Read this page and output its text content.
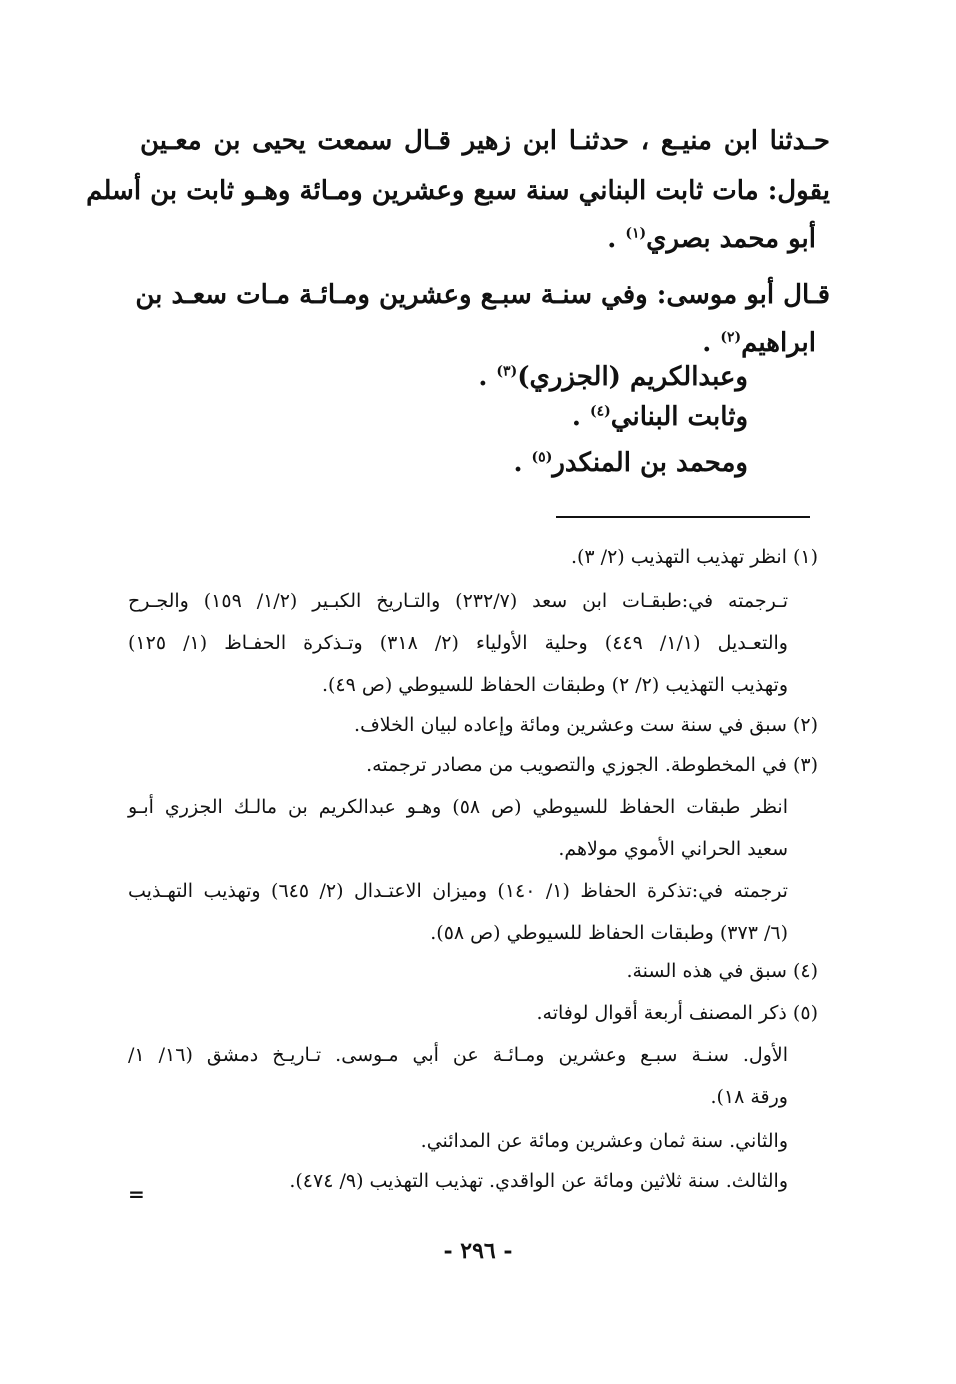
حـدثنا ابن منيـع ، حدثنـا ابن زهير قـال سمعت يحيى بن معـين
يقول: مات ثابت البناني سنة سبع وعشرين ومـائة وهـو ثابت بن أسلم
أبو محمد بصري$^{(١)}$ .
قـال أبو موسى: وفي سنـة سبـع وعشرين ومـائـة مـات سعـد بن
ابراهيم$^{(٢)}$ .
وعبدالكريم (الجزري)$^{(٣)}$ .
وثابت البناني$^{(٤)}$ .
ومحمد بن المنكدر$^{(٥)}$ .
(١) انظر تهذيب التهذيب (٢/ ٣).
تـرجمته في:طبقـات ابن سعد (٢٣٢/٧) والتـاريخ الكبـير (١/٢/ ١٥٩) والجـرح
والتعـديل (١/١/ ٤٤٩) وحلية الأولياء (٢/ ٣١٨) وتـذكرة الحفـاظ (١/ ١٢٥)
وتهذيب التهذيب (٢/ ٢) وطبقات الحفاظ للسيوطي (ص ٤٩).
(٢) سبق في سنة ست وعشرين ومائة وإعاده لبيان الخلاف.
(٣) في المخطوطة. الجوزي والتصويب من مصادر ترجمته.
انظر طبقات الحفاظ للسيوطي (ص ٥٨) وهـو عبدالكريم بن مالـك الجزري أبـو
سعيد الحراني الأموي مولاهم.
ترجمته في:تذكرة الحفاظ (١/ ١٤٠) وميزان الاعتـدال (٢/ ٦٤٥) وتهذيب التهـذيب
(٦/ ٣٧٣) وطبقات الحفاظ للسيوطي (ص ٥٨).
(٤) سبق في هذه السنة.
(٥) ذكر المصنف أربعة أقوال لوفاته.
الأول. سنـة سبـع وعشرين ومـائـة عن أبي مـوسى. تـاريـخ دمشق (١٦/ ١/
ورقة ١٨).
والثاني. سنة ثمان وعشرين ومائة عن المدائني.
والثالث. سنة ثلاثين ومائة عن الواقدي. تهذيب التهذيب (٩/ ٤٧٤).
=
- ٢٩٦ -
